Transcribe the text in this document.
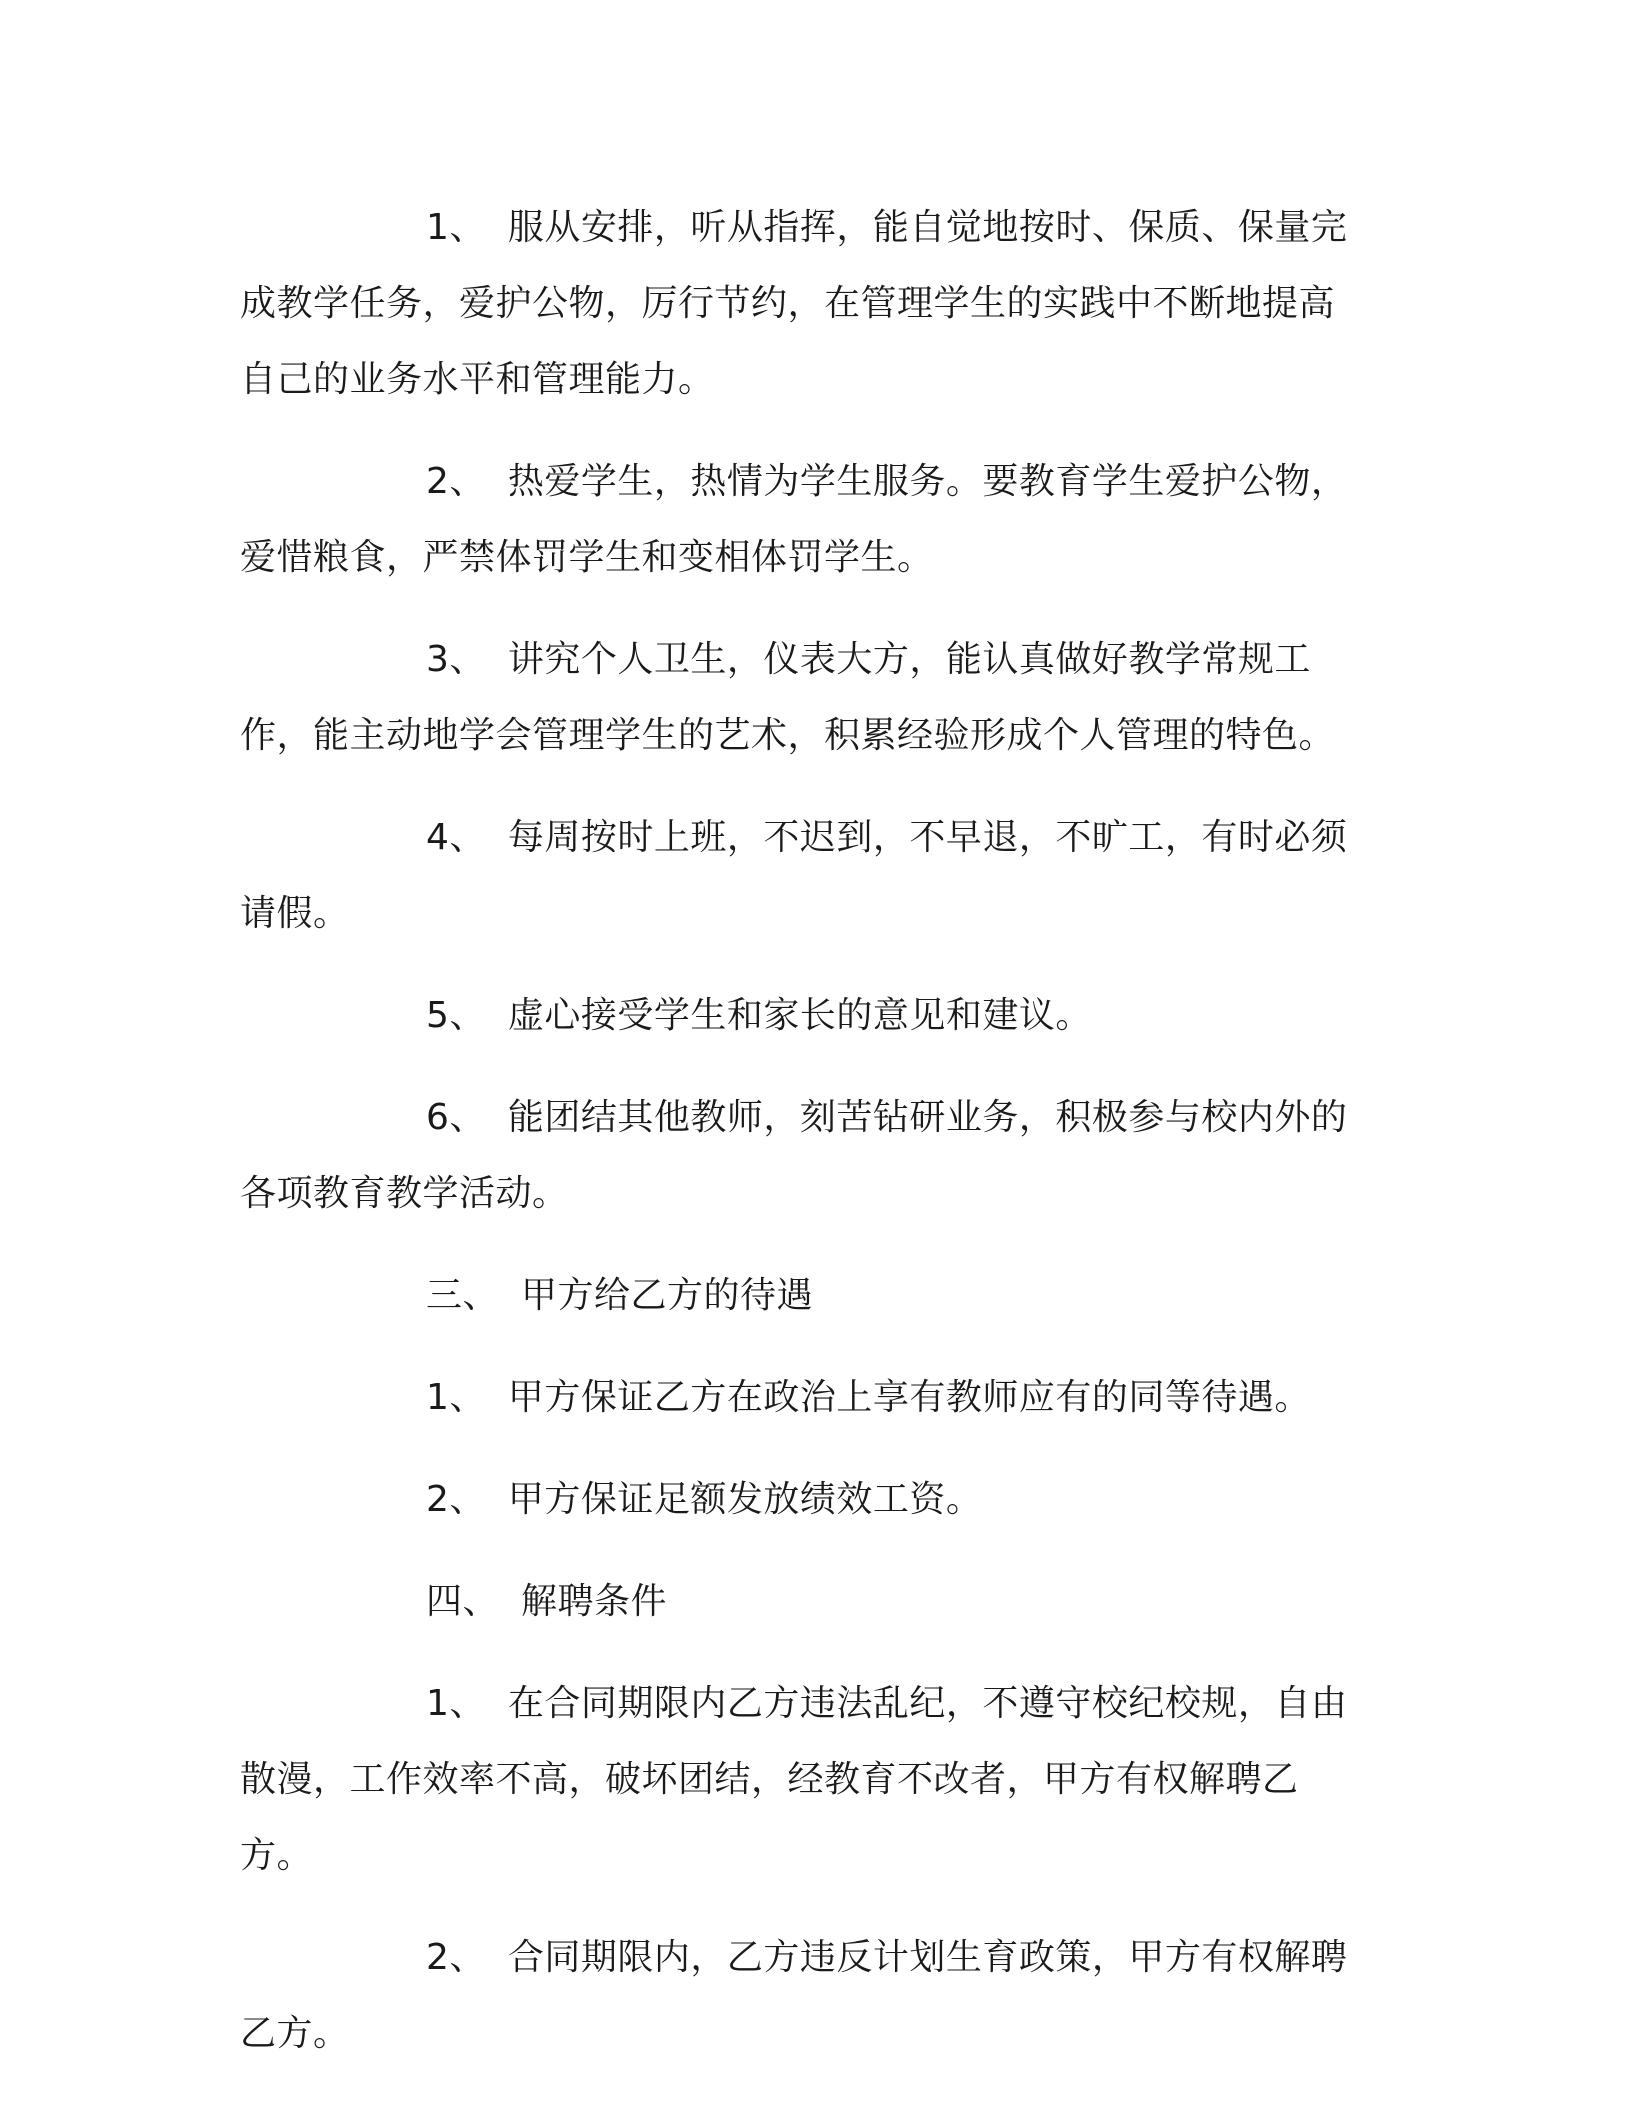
1、 服从安排，听从指挥，能自觉地按时、保质、保量完成教学任务，爱护公物，厉行节约，在管理学生的实践中不断地提高自己的业务水平和管理能力。

2、 热爱学生，热情为学生服务。要教育学生爱护公物，爱惜粮食，严禁体罚学生和变相体罚学生。

3、 讲究个人卫生，仪表大方，能认真做好教学常规工作，能主动地学会管理学生的艺术，积累经验形成个人管理的特色。

4、 每周按时上班，不迟到，不早退，不旷工，有时必须请假。

5、 虚心接受学生和家长的意见和建议。

6、 能团结其他教师，刻苦钻研业务，积极参与校内外的各项教育教学活动。

三、 甲方给乙方的待遇

1、 甲方保证乙方在政治上享有教师应有的同等待遇。

2、 甲方保证足额发放绩效工资。

四、 解聘条件

1、 在合同期限内乙方违法乱纪，不遵守校纪校规，自由散漫，工作效率不高，破坏团结，经教育不改者，甲方有权解聘乙方。

2、 合同期限内，乙方违反计划生育政策，甲方有权解聘乙方。
